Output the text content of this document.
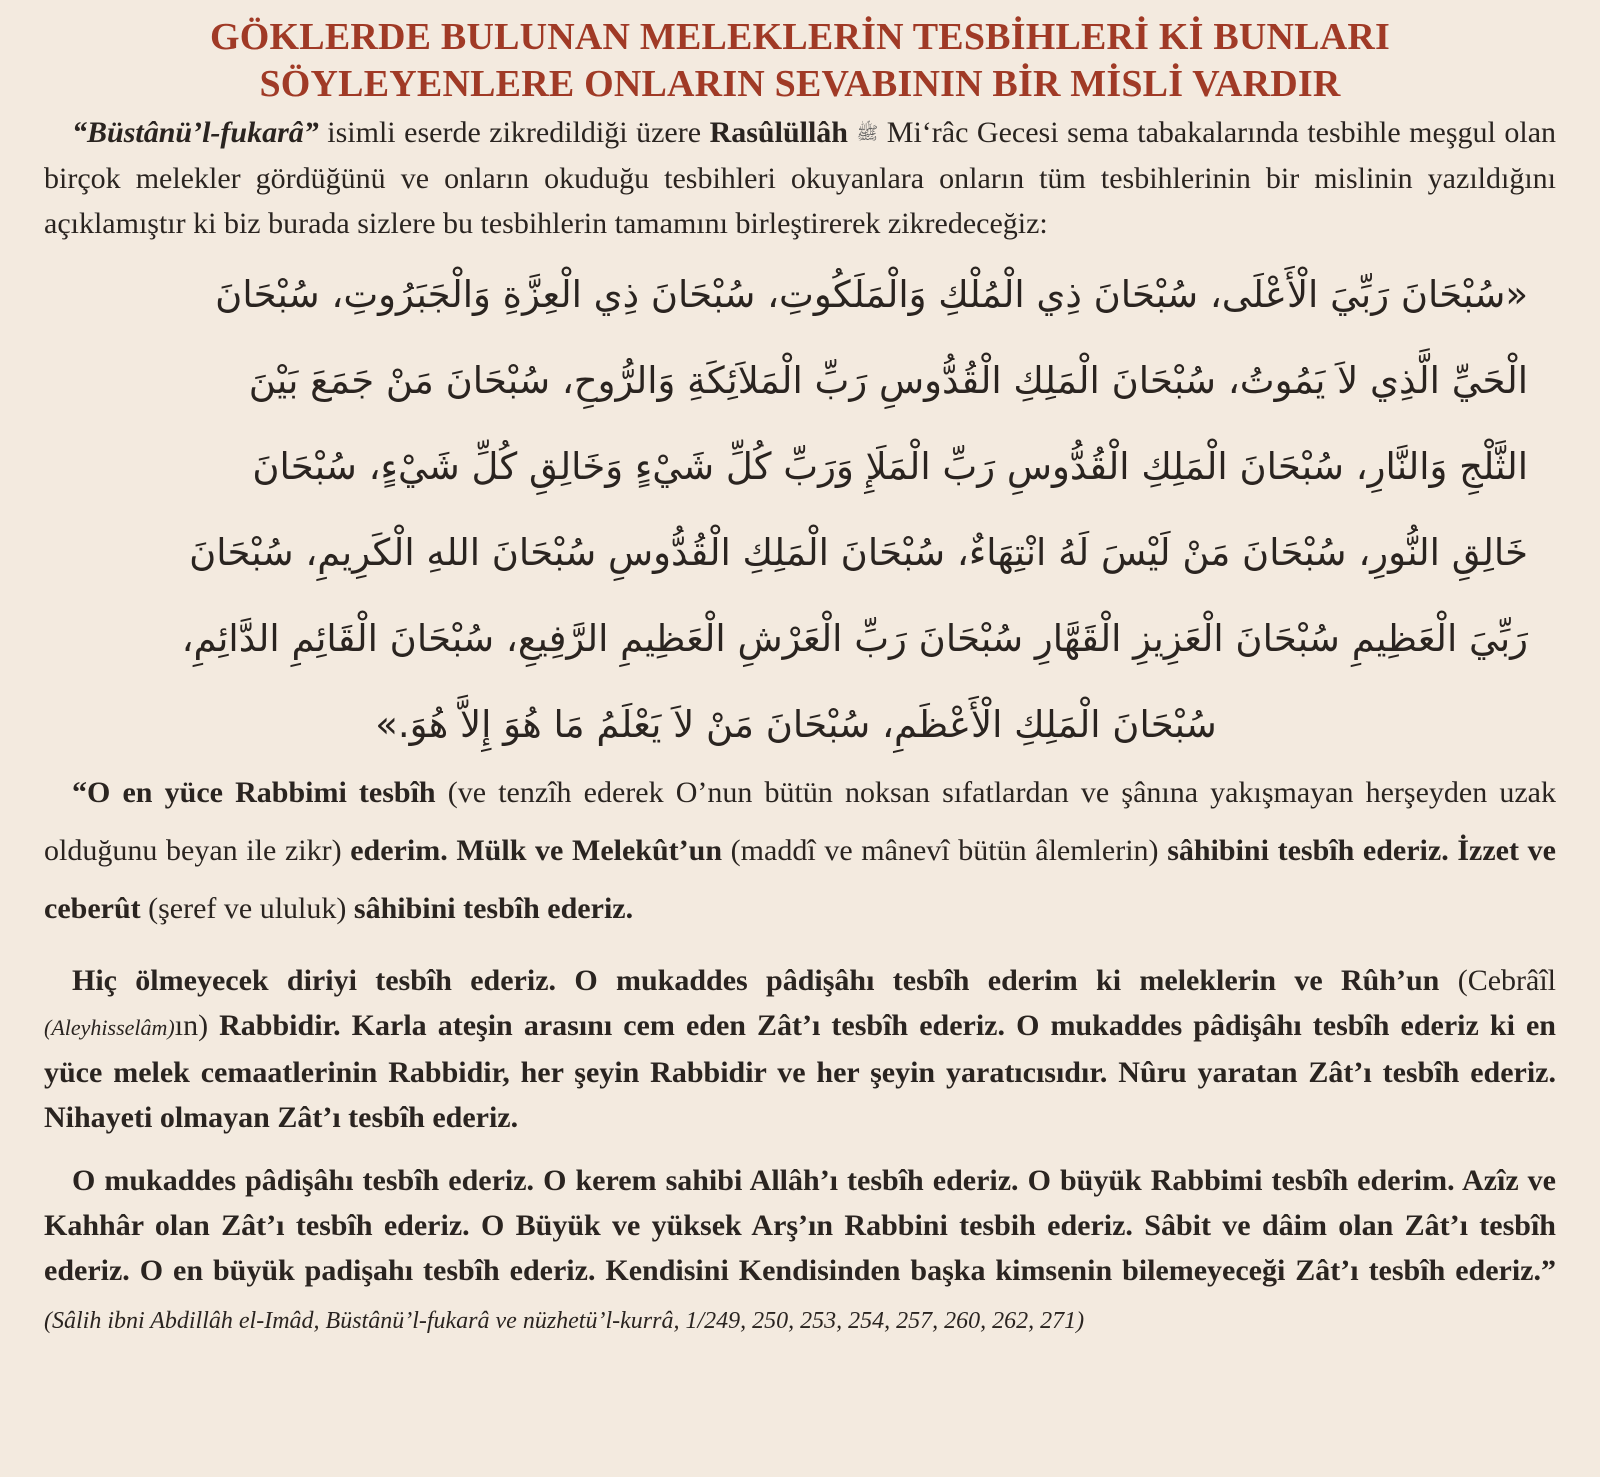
GÖKLERDE BULUNAN MELEKLERİN TESBİHLERİ Kİ BUNLARI
SÖYLEYENLERE ONLARIN SEVABININ BİR MİSLİ VARDIR
“Büstânü’l-fukarâ” isimli eserde zikredildiği üzere Rasûlüllâh ﷺ Mi‘râc Gecesi sema tabakalarında tesbihle meşgul olan birçok melekler gördüğünü ve onların okuduğu tesbihleri okuyanlara onların tüm tesbihlerinin bir mislinin yazıldığını açıklamıştır ki biz burada sizlere bu tesbihlerin tamamını birleştirerek zikredeceğiz:
«سُبْحَانَ رَبِّيَ الْأَعْلَى، سُبْحَانَ ذِي الْمُلْكِ وَالْمَلَكُوتِ، سُبْحَانَ ذِي الْعِزَّةِ وَالْجَبَرُوتِ، سُبْحَانَ
الْحَيِّ الَّذِي لاَ يَمُوتُ، سُبْحَانَ الْمَلِكِ الْقُدُّوسِ رَبِّ الْمَلاَئِكَةِ وَالرُّوحِ، سُبْحَانَ مَنْ جَمَعَ بَيْنَ
الثَّلْجِ وَالنَّارِ، سُبْحَانَ الْمَلِكِ الْقُدُّوسِ رَبِّ الْمَلَإِ وَرَبِّ كُلِّ شَيْءٍ وَخَالِقِ كُلِّ شَيْءٍ، سُبْحَانَ
خَالِقِ النُّورِ، سُبْحَانَ مَنْ لَيْسَ لَهُ انْتِهَاءٌ، سُبْحَانَ الْمَلِكِ الْقُدُّوسِ سُبْحَانَ اللهِ الْكَرِيمِ، سُبْحَانَ
رَبِّيَ الْعَظِيمِ سُبْحَانَ الْعَزِيزِ الْقَهَّارِ سُبْحَانَ رَبِّ الْعَرْشِ الْعَظِيمِ الرَّفِيعِ، سُبْحَانَ الْقَائِمِ الدَّائِمِ،
سُبْحَانَ الْمَلِكِ الْأَعْظَمِ، سُبْحَانَ مَنْ لاَ يَعْلَمُ مَا هُوَ إِلاَّ هُوَ.»
“O en yüce Rabbimi tesbîh (ve tenzîh ederek O’nun bütün noksan sıfatlardan ve şânına yakışmayan herşeyden uzak olduğunu beyan ile zikr) ederim. Mülk ve Melekût’un (maddî ve mânevî bütün âlemlerin) sâhibini tesbîh ederiz. İzzet ve ceberût (şeref ve ululuk) sâhibini tesbîh ederiz.
Hiç ölmeyecek diriyi tesbîh ederiz. O mukaddes pâdişâhı tesbîh ederim ki meleklerin ve Rûh’un (Cebrâîl (Aleyhisselâm)ın) Rabbidir. Karla ateşin arasını cem eden Zât’ı tesbîh ederiz. O mukaddes pâdişâhı tesbîh ederiz ki en yüce melek cemaatlerinin Rabbidir, her şeyin Rabbidir ve her şeyin yaratıcısıdır. Nûru yaratan Zât’ı tesbîh ederiz. Nihayeti olmayan Zât’ı tesbîh ederiz.
O mukaddes pâdişâhı tesbîh ederiz. O kerem sahibi Allâh’ı tesbîh ederiz. O büyük Rabbimi tesbîh ederim. Azîz ve Kahhâr olan Zât’ı tesbîh ederiz. O Büyük ve yüksek Arş’ın Rabbini tesbih ederiz. Sâbit ve dâim olan Zât’ı tesbîh ederiz. O en büyük padişahı tesbîh ederiz. Kendisini Kendisinden başka kimsenin bilemeyeceği Zât’ı tesbîh ederiz.” (Sâlih ibni Abdillâh el-Imâd, Büstânü’l-fukarâ ve nüzhetü’l-kurrâ, 1/249, 250, 253, 254, 257, 260, 262, 271)
